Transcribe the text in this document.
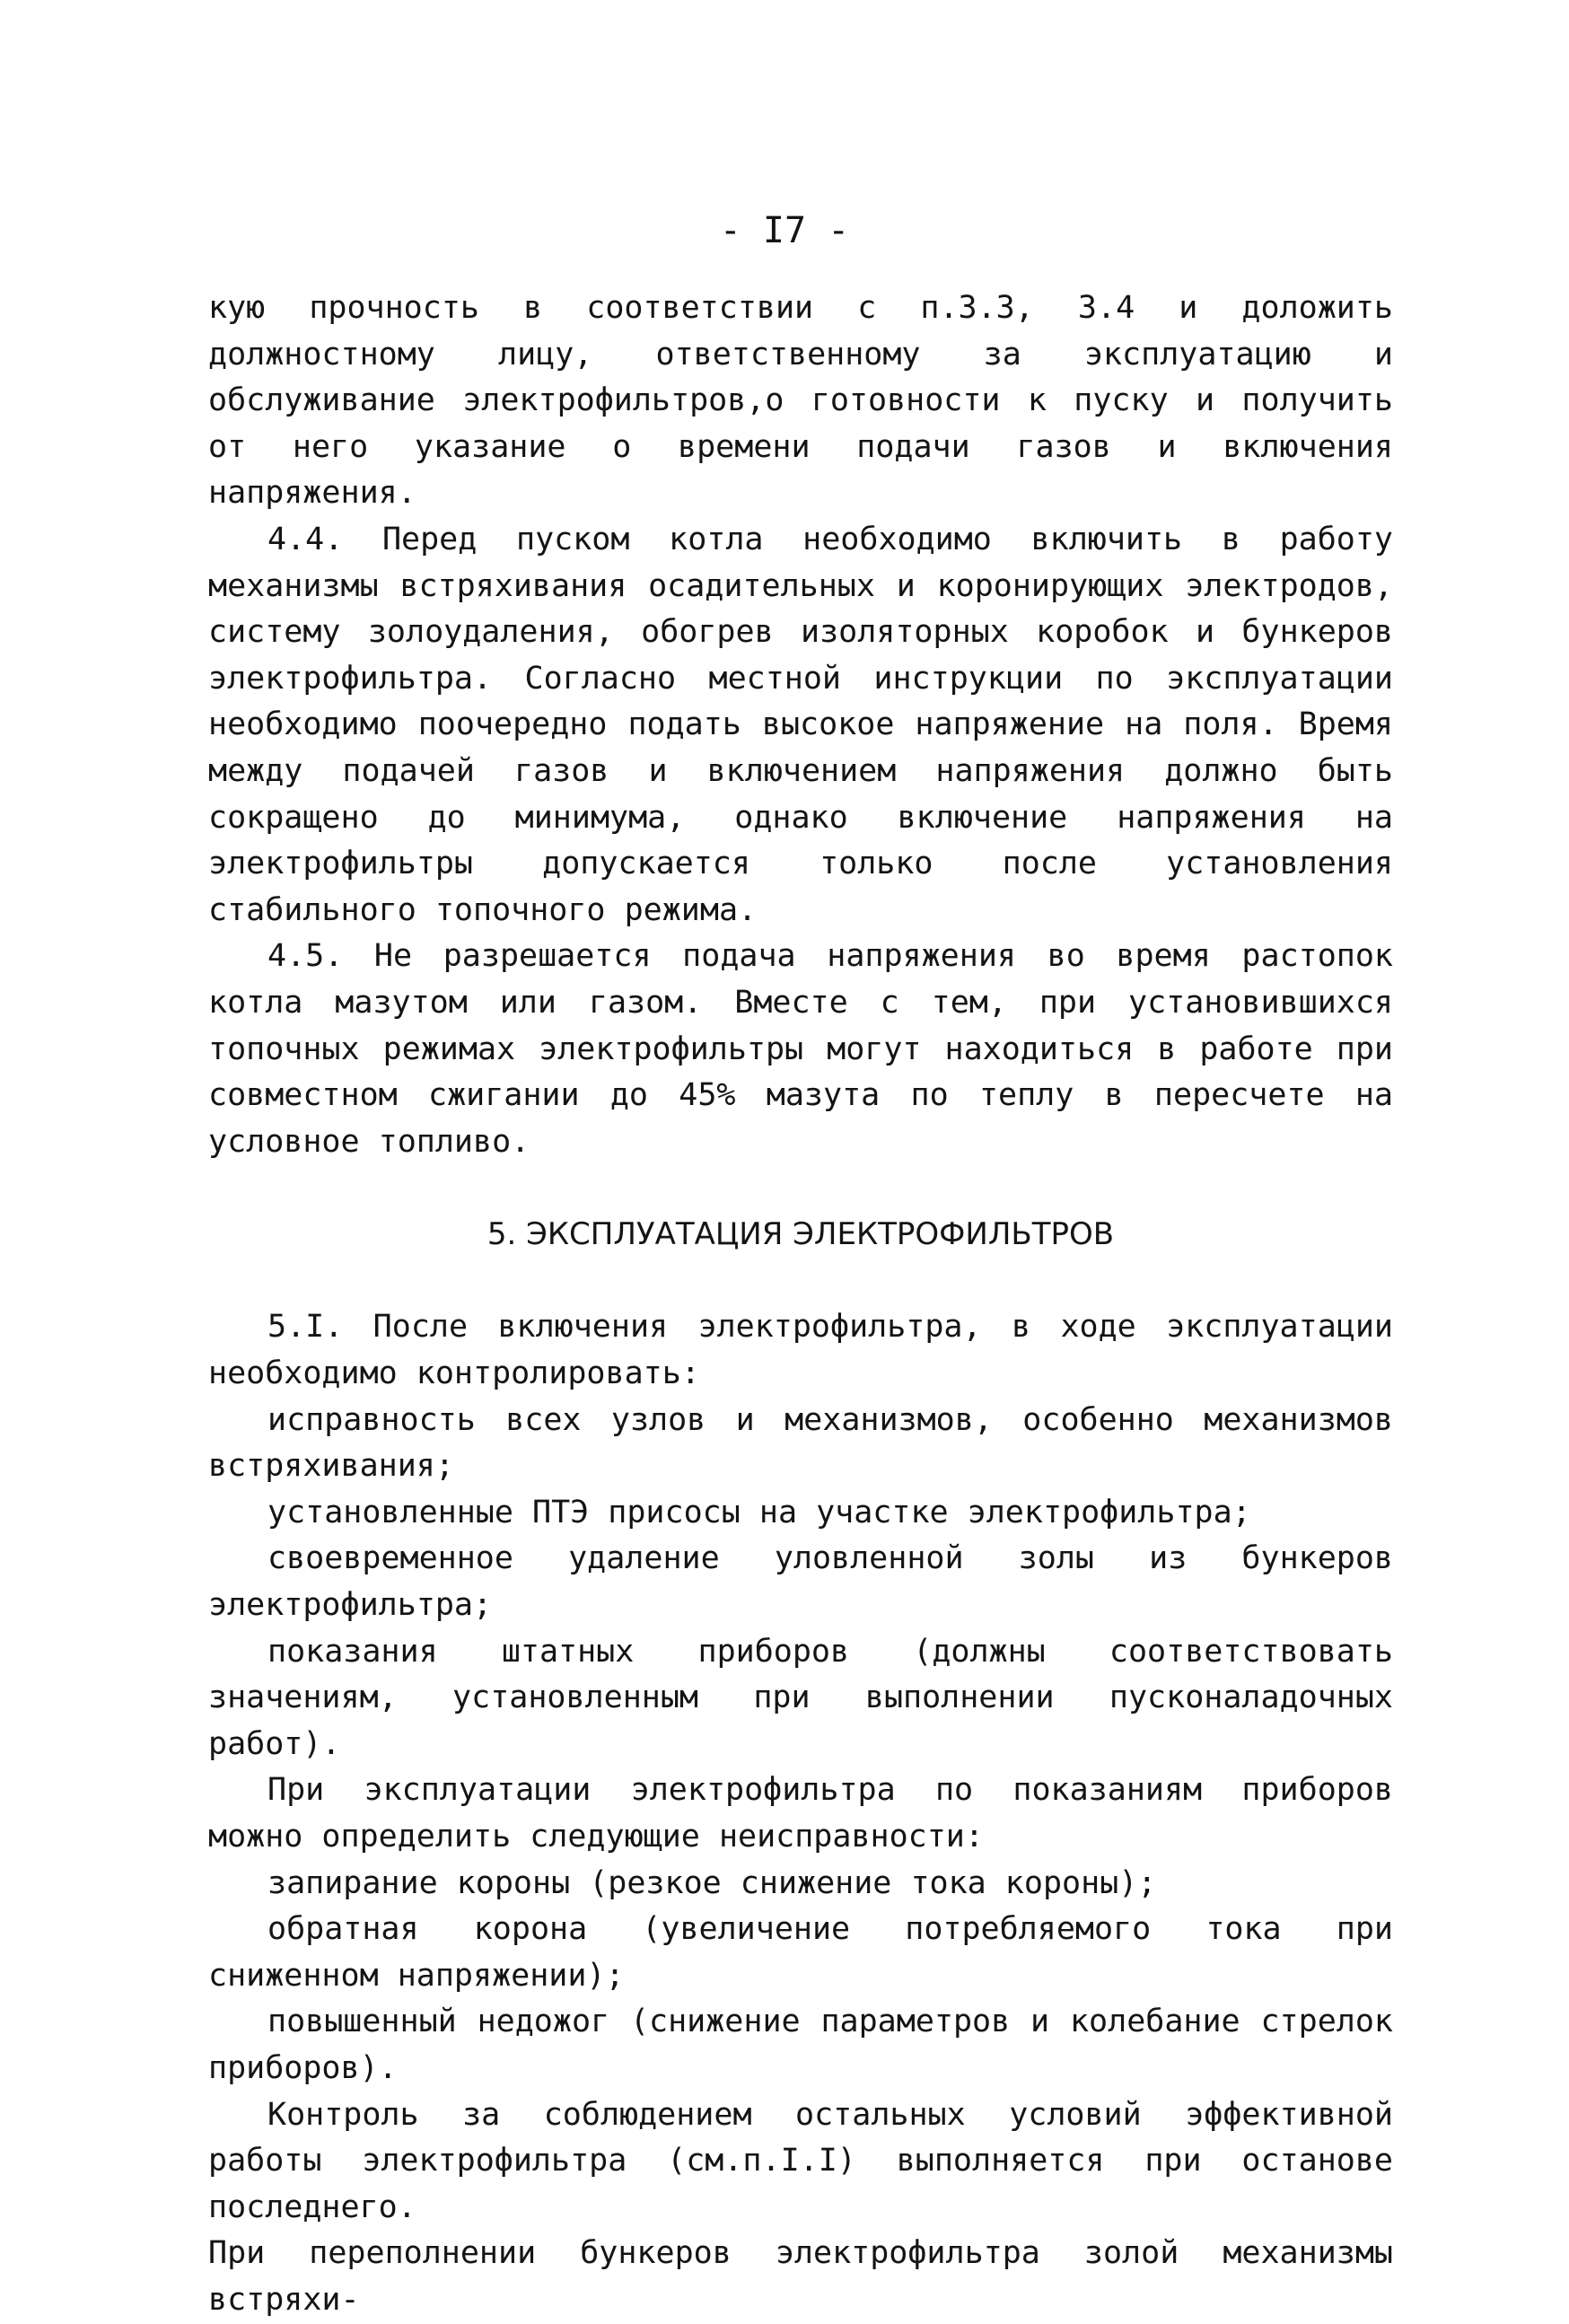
- I7 -

кую прочность в соответствии с п.3.3, 3.4 и доложить должностному лицу, ответственному за эксплуатацию и обслуживание электрофильтров,о готовности к пуску и получить от него указание о времени подачи газов и включения напряжения.

4.4. Перед пуском котла необходимо включить в работу механизмы встряхивания осадительных и коронирующих электродов, систему золоудаления, обогрев изоляторных коробок и бункеров электрофильтра. Согласно местной инструкции по эксплуатации необходимо поочередно подать высокое напряжение на поля. Время между подачей газов и включением напряжения должно быть сокращено до минимума, однако включение напряжения на электрофильтры допускается только после установления стабильного топочного режима.

4.5. Не разрешается подача напряжения во время растопок котла мазутом или газом. Вместе с тем, при установившихся топочных режимах электрофильтры могут находиться в работе при совместном сжигании до 45% мазута по теплу в пересчете на условное топливо.

5. ЭКСПЛУАТАЦИЯ ЭЛЕКТРОФИЛЬТРОВ

5.I. После включения электрофильтра, в ходе эксплуатации необходимо контролировать:

исправность всех узлов и механизмов, особенно механизмов встряхивания;

установленные ПТЭ присосы на участке электрофильтра;

своевременное удаление уловленной золы из бункеров электрофильтра;

показания штатных приборов (должны соответствовать значениям, установленным при выполнении пусконаладочных работ).

При эксплуатации электрофильтра по показаниям приборов можно определить следующие неисправности:

запирание короны (резкое снижение тока короны);

обратная корона (увеличение потребляемого тока при сниженном напряжении);

повышенный недожог (снижение параметров и колебание стрелок приборов).

Контроль за соблюдением остальных условий эффективной работы электрофильтра (см.п.I.I) выполняется при останове последнего.

При переполнении бункеров электрофильтра золой механизмы встряхи-
